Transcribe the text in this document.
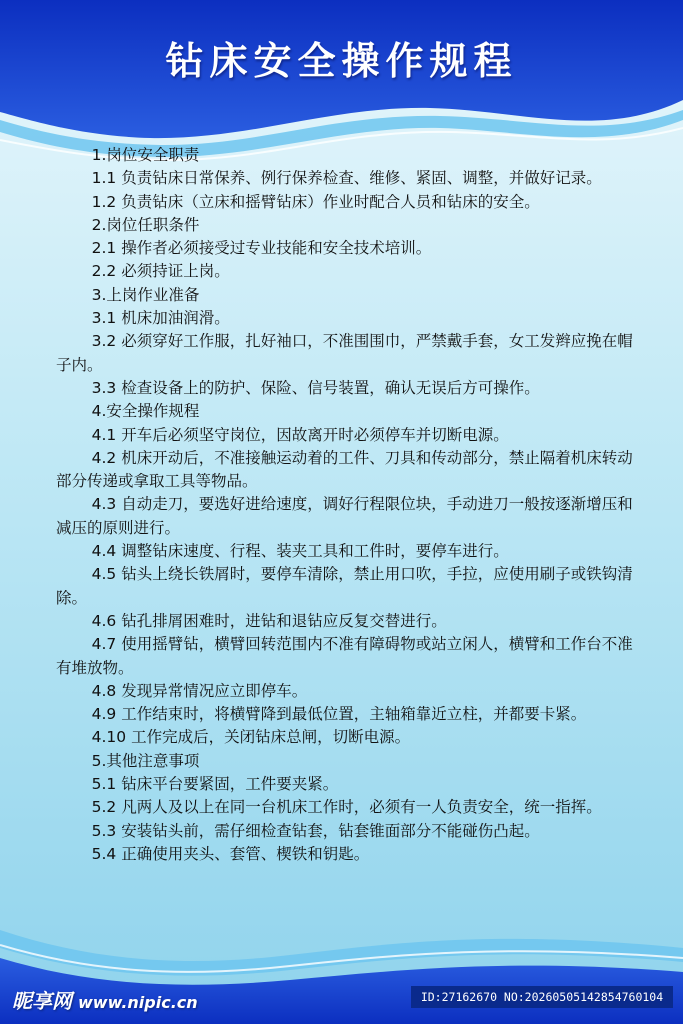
钻床安全操作规程

1.岗位安全职责

1.1 负责钻床日常保养、例行保养检查、维修、紧固、调整，并做好记录。

1.2 负责钻床（立床和摇臂钻床）作业时配合人员和钻床的安全。

2.岗位任职条件

2.1 操作者必须接受过专业技能和安全技术培训。

2.2 必须持证上岗。

3.上岗作业准备

3.1 机床加油润滑。

3.2 必须穿好工作服，扎好袖口，不准围围巾，严禁戴手套，女工发辫应挽在帽子内。

3.3 检查设备上的防护、保险、信号装置，确认无误后方可操作。

4.安全操作规程

4.1 开车后必须坚守岗位，因故离开时必须停车并切断电源。

4.2 机床开动后，不准接触运动着的工件、刀具和传动部分，禁止隔着机床转动部分传递或拿取工具等物品。

4.3 自动走刀，要选好进给速度，调好行程限位块，手动进刀一般按逐渐增压和减压的原则进行。

4.4 调整钻床速度、行程、装夹工具和工件时，要停车进行。

4.5 钻头上绕长铁屑时，要停车清除，禁止用口吹，手拉，应使用刷子或铁钩清除。

4.6 钻孔排屑困难时，进钻和退钻应反复交替进行。

4.7 使用摇臂钻，横臂回转范围内不准有障碍物或站立闲人，横臂和工作台不准有堆放物。

4.8 发现异常情况应立即停车。

4.9 工作结束时，将横臂降到最低位置，主轴箱靠近立柱，并都要卡紧。

4.10 工作完成后，关闭钻床总闸，切断电源。

5.其他注意事项

5.1 钻床平台要紧固，工件要夹紧。

5.2 凡两人及以上在同一台机床工作时，必须有一人负责安全，统一指挥。

5.3 安装钻头前，需仔细检查钻套，钻套锥面部分不能碰伤凸起。

5.4 正确使用夹头、套管、楔铁和钥匙。

昵享网 www.nipic.cn	ID:27162670 NO:20260505142854760104
